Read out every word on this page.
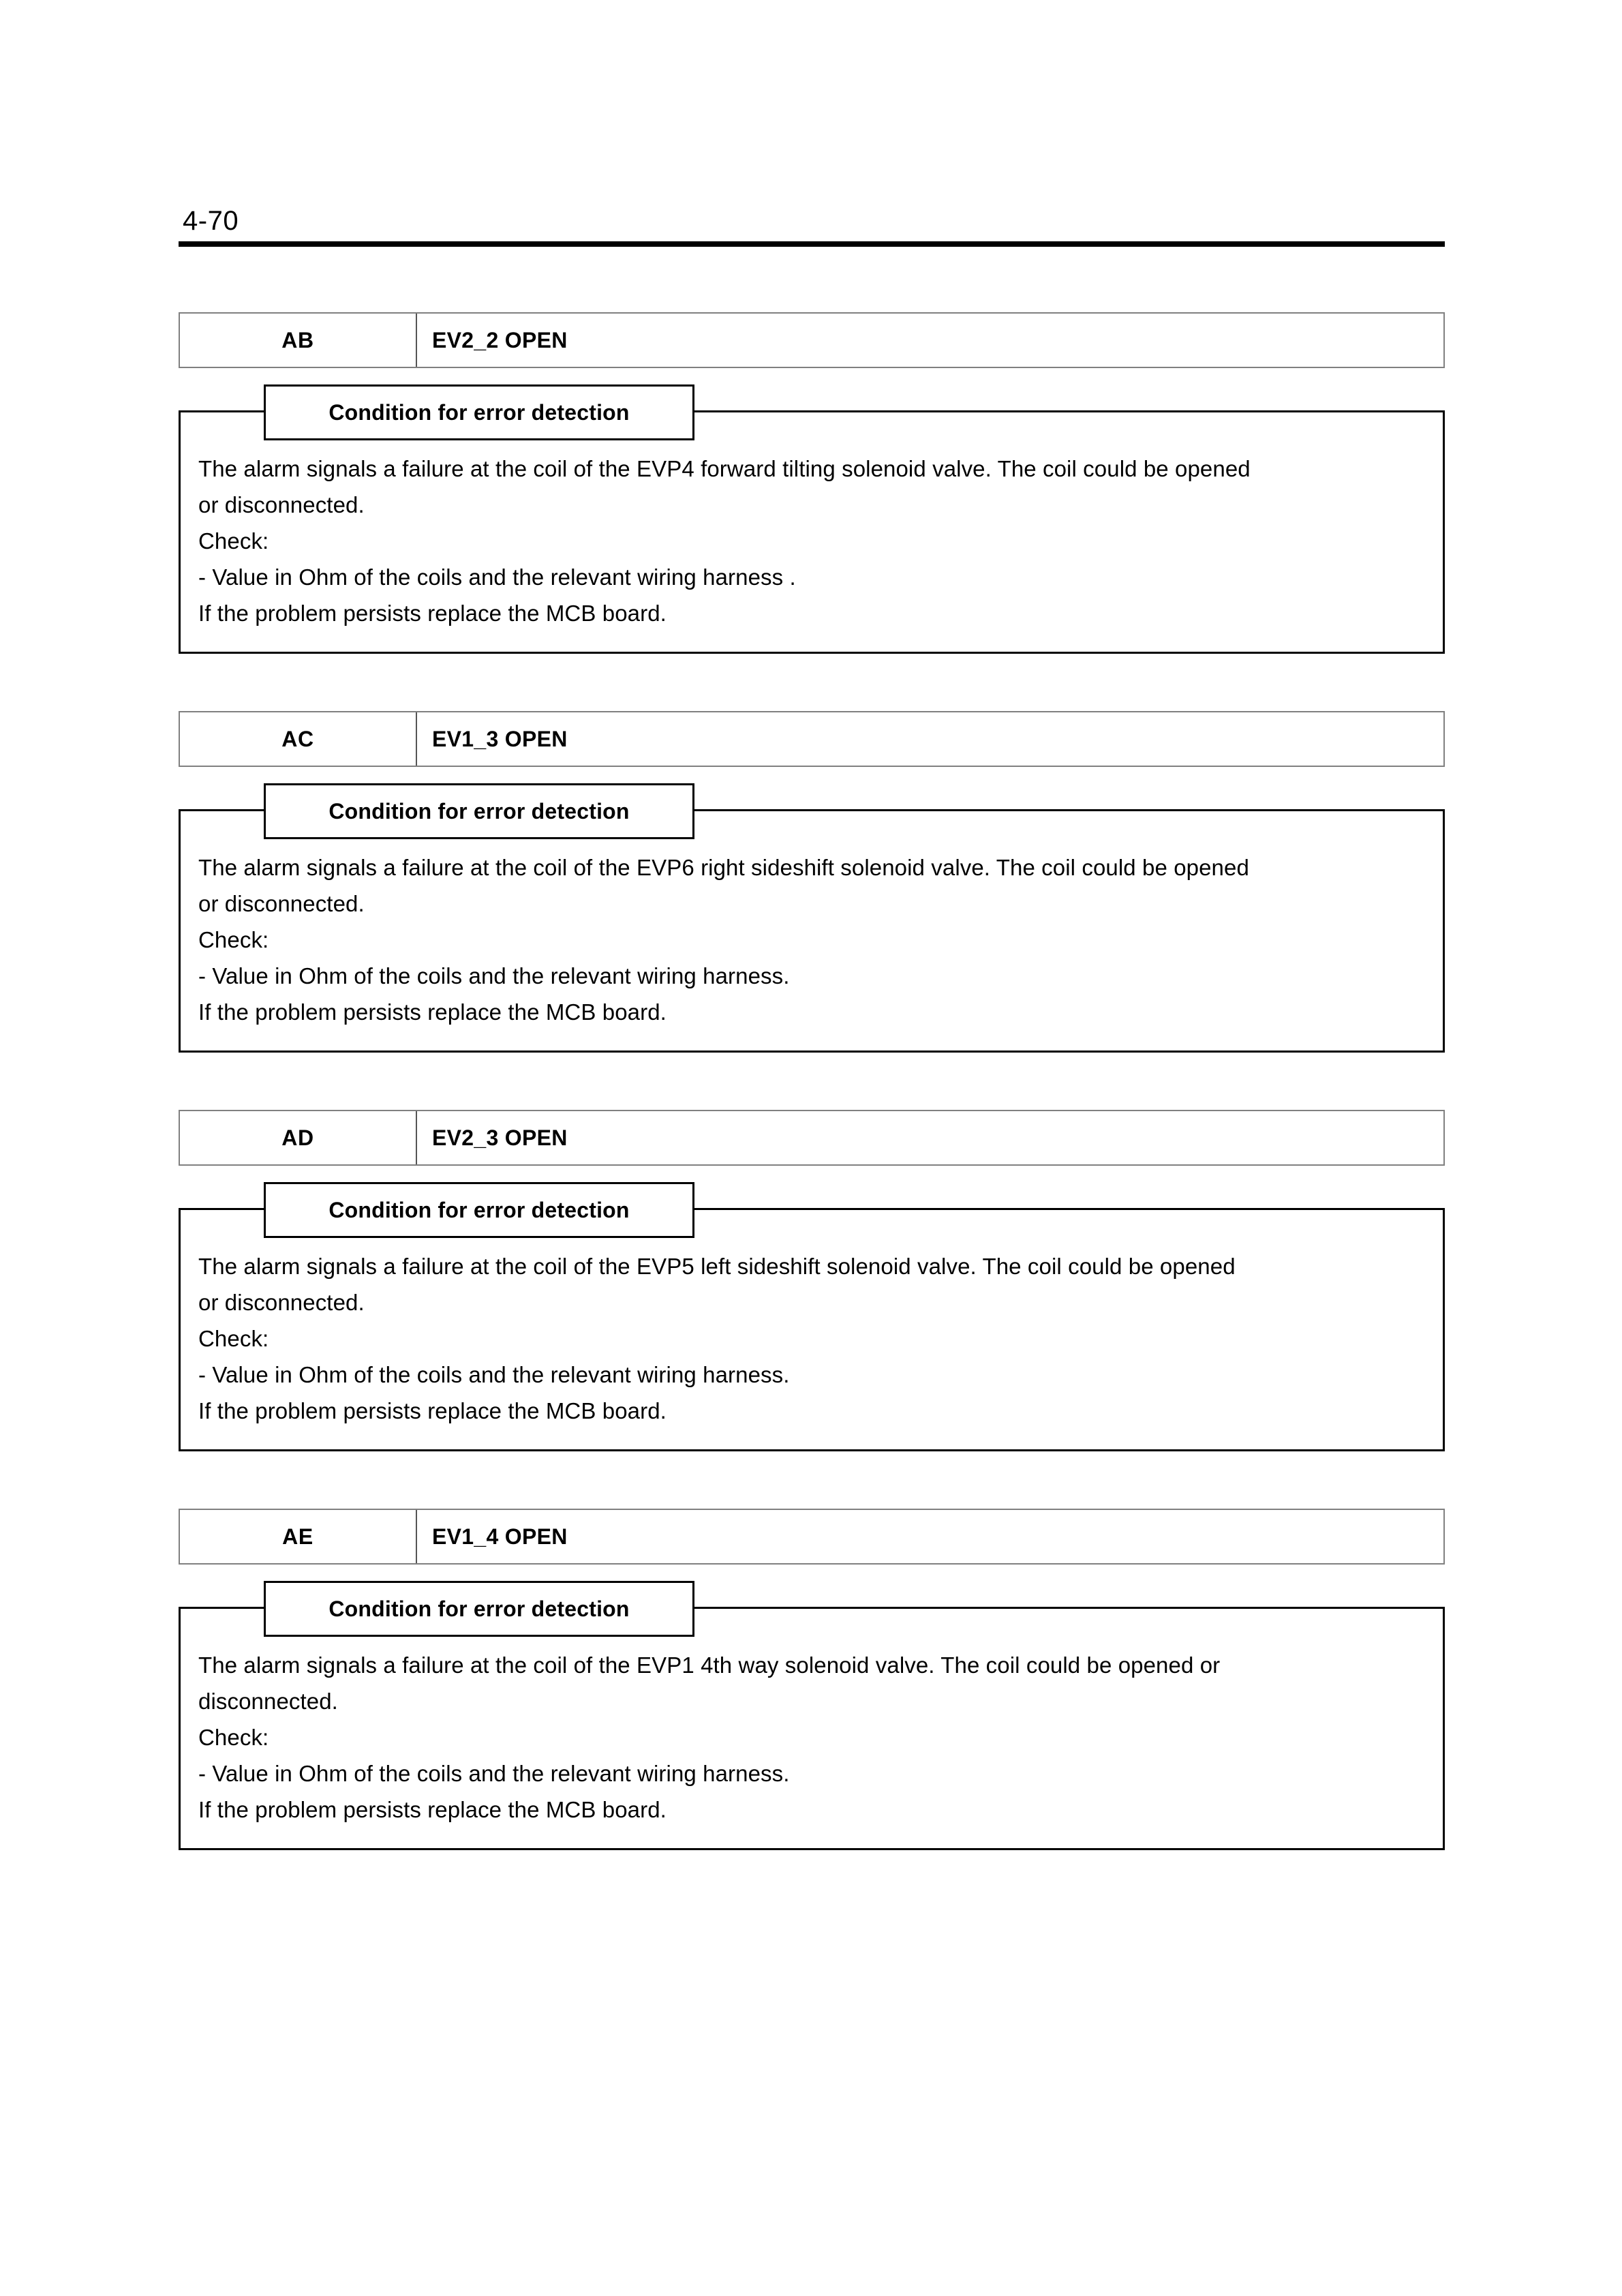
4-70
AB	EV2_2 OPEN
Condition for error detection
The alarm signals a failure at the coil of the EVP4 forward tilting solenoid valve. The coil could be opened
or disconnected.
Check:
- Value in Ohm of the coils and the relevant wiring harness .
If the problem persists replace the MCB board.
AC	EV1_3 OPEN
Condition for error detection
The alarm signals a failure at the coil of the EVP6 right sideshift solenoid valve. The coil could be opened
or disconnected.
Check:
- Value in Ohm of the coils and the relevant wiring harness.
If the problem persists replace the MCB board.
AD	EV2_3 OPEN
Condition for error detection
The alarm signals a failure at the coil of the EVP5 left sideshift solenoid valve. The coil could be opened
or disconnected.
Check:
- Value in Ohm of the coils and the relevant wiring harness.
If the problem persists replace the MCB board.
AE	EV1_4 OPEN
Condition for error detection
The alarm signals a failure at the coil of the EVP1 4th way solenoid valve. The coil could be opened or
disconnected.
Check:
- Value in Ohm of the coils and the relevant wiring harness.
If the problem persists replace the MCB board.
